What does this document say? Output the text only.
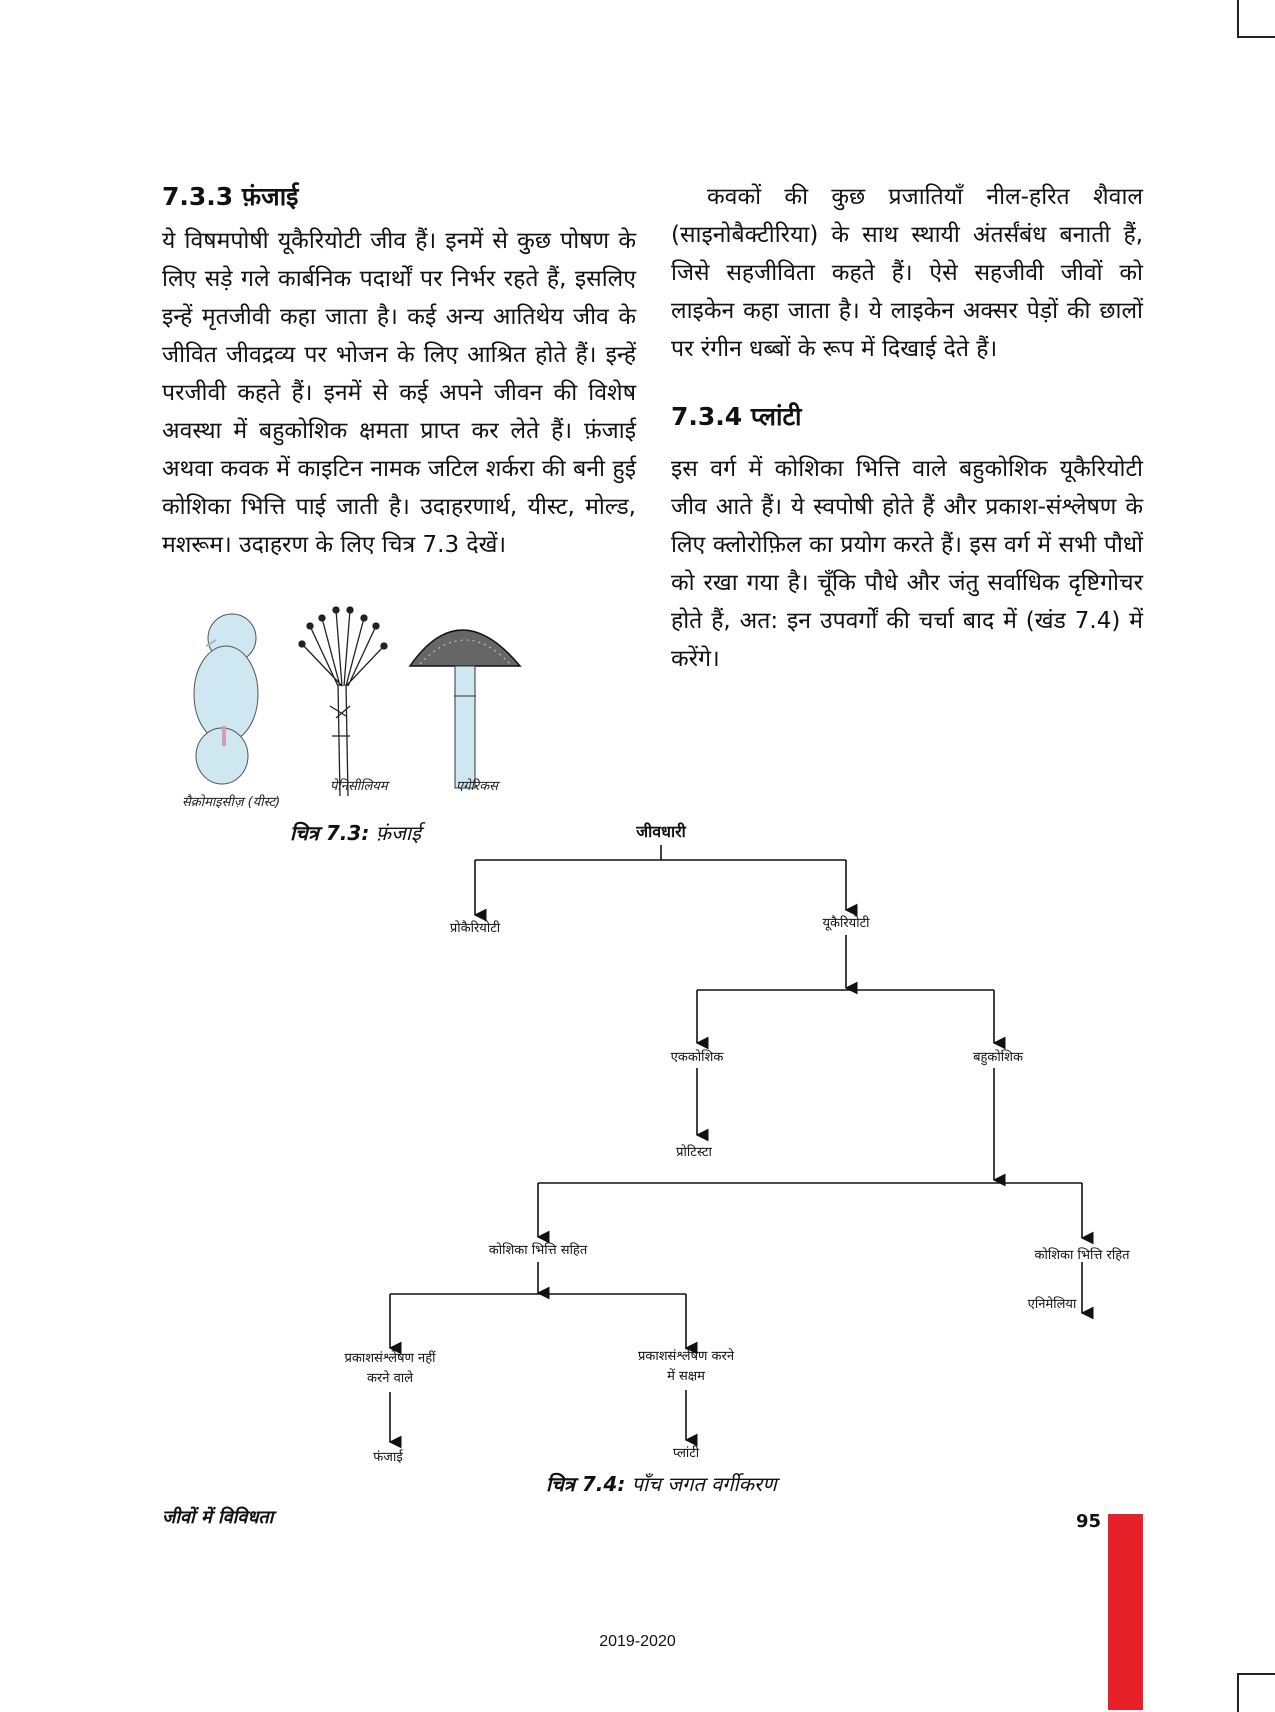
7.3.3 फ़ंजाई

ये विषमपोषी यूकैरियोटी जीव हैं। इनमें से कुछ पोषण के लिए सड़े गले कार्बनिक पदार्थों पर निर्भर रहते हैं, इसलिए इन्हें मृतजीवी कहा जाता है। कई अन्य आतिथेय जीव के जीवित जीवद्रव्य पर भोजन के लिए आश्रित होते हैं। इन्हें परजीवी कहते हैं। इनमें से कई अपने जीवन की विशेष अवस्था में बहुकोशिक क्षमता प्राप्त कर लेते हैं। फ़ंजाई अथवा कवक में काइटिन नामक जटिल शर्करा की बनी हुई कोशिका भित्ति पाई जाती है। उदाहरणार्थ, यीस्ट, मोल्ड, मशरूम। उदाहरण के लिए चित्र 7.3 देखें।

कवकों की कुछ प्रजातियाँ नील-हरित शैवाल (साइनोबैक्टीरिया) के साथ स्थायी अंतर्संबंध बनाती हैं, जिसे सहजीविता कहते हैं। ऐसे सहजीवी जीवों को लाइकेन कहा जाता है। ये लाइकेन अक्सर पेड़ों की छालों पर रंगीन धब्बों के रूप में दिखाई देते हैं।

7.3.4 प्लांटी

इस वर्ग में कोशिका भित्ति वाले बहुकोशिक यूकैरियोटी जीव आते हैं। ये स्वपोषी होते हैं और प्रकाश-संश्लेषण के लिए क्लोरोफ़िल का प्रयोग करते हैं। इस वर्ग में सभी पौधों को रखा गया है। चूँकि पौधे और जंतु सर्वाधिक दृष्टिगोचर होते हैं, अत: इन उपवर्गों की चर्चा बाद में (खंड 7.4) में करेंगे।

सैक्रोमाइसीज़ (यीस्ट)
पेनिसीलियम	एगेरिकस
चित्र 7.3: फ़ंजाई	जीवधारी
प्रोकैरियोटी	यूकैरियोटी
एककोशिक	बहुकोशिक
प्रोटिस्टा
कोशिका भित्ति सहित	कोशिका भित्ति रहित
एनिमेलिया
प्रकाशसंश्लेषण नहीं
करने वाले
प्रकाशसंश्लेषण करने
में सक्षम
फंजाई	प्लांटी
चित्र 7.4: पाँच जगत वर्गीकरण
जीवों में विविधता	95
2019-2020
